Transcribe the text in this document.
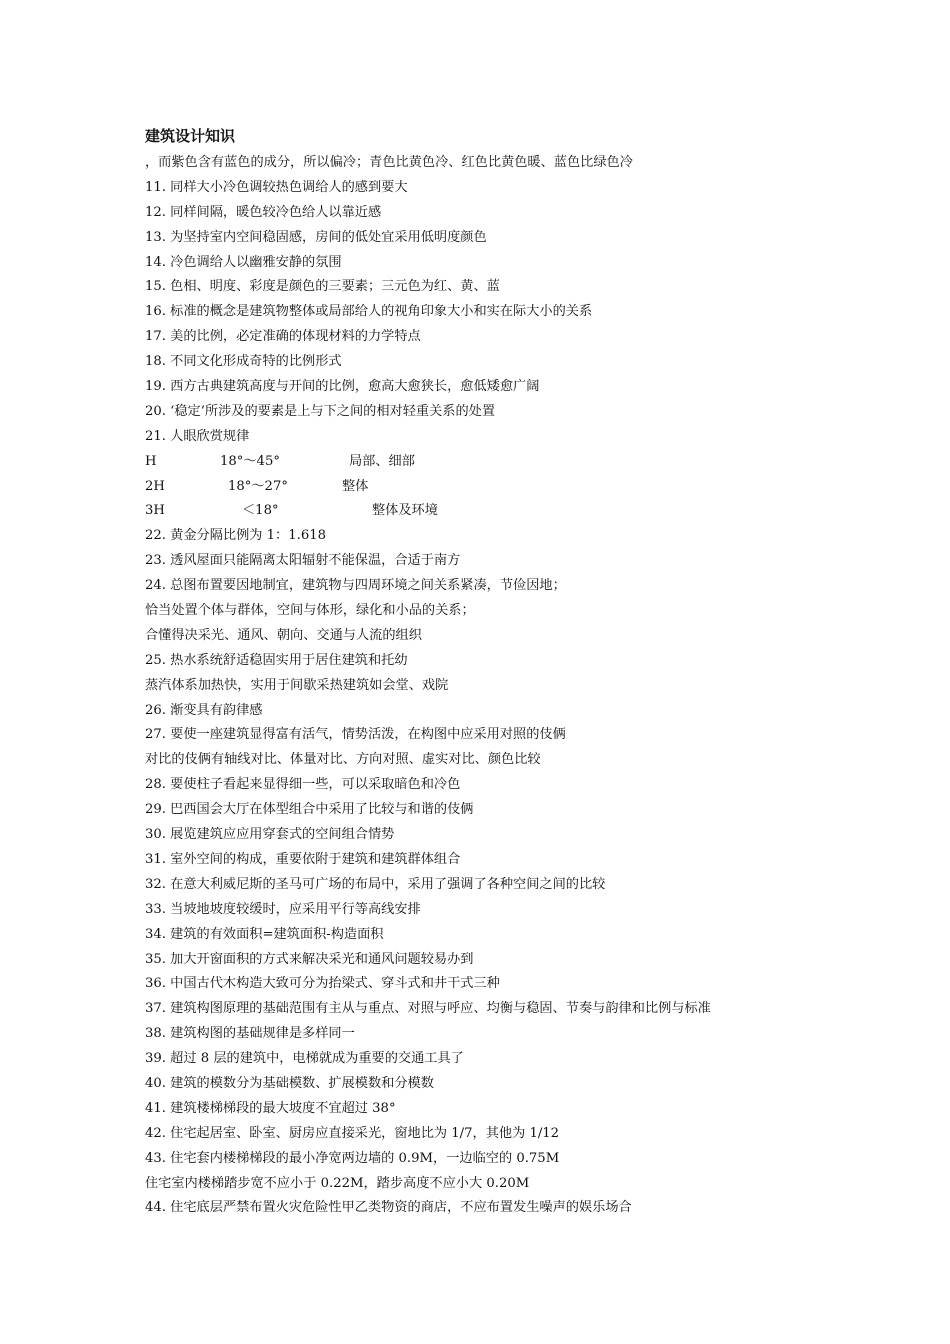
建筑设计知识
，而紫色含有蓝色的成分，所以偏冷；青色比黄色冷、红色比黄色暖、蓝色比绿色冷
11. 同样大小冷色调较热色调给人的感到要大
12. 同样间隔，暖色较冷色给人以靠近感
13. 为坚持室内空间稳固感，房间的低处宜采用低明度颜色
14. 冷色调给人以幽雅安静的氛围
15. 色相、明度、彩度是颜色的三要素；三元色为红、黄、蓝
16. 标准的概念是建筑物整体或局部给人的视角印象大小和实在际大小的关系
17. 美的比例，必定准确的体现材料的力学特点
18. 不同文化形成奇特的比例形式
19. 西方古典建筑高度与开间的比例，愈高大愈狭长，愈低矮愈广阔
20. ‘稳定’所涉及的要素是上与下之间的相对轻重关系的处置
21. 人眼欣赏规律
H	18°～45°	局部、细部
2H	18°～27°	整体
3H	＜18°	整体及环境
22. 黄金分隔比例为 1：1.618
23. 透风屋面只能隔离太阳辐射不能保温，合适于南方
24. 总图布置要因地制宜，建筑物与四周环境之间关系紧凑，节俭因地；
恰当处置个体与群体，空间与体形，绿化和小品的关系；
合懂得决采光、通风、朝向、交通与人流的组织
25. 热水系统舒适稳固实用于居住建筑和托幼
蒸汽体系加热快，实用于间歇采热建筑如会堂、戏院
26. 渐变具有韵律感
27. 要使一座建筑显得富有活气，情势活泼，在构图中应采用对照的伎俩
对比的伎俩有轴线对比、体量对比、方向对照、虚实对比、颜色比较
28. 要使柱子看起来显得细一些，可以采取暗色和冷色
29. 巴西国会大厅在体型组合中采用了比较与和谐的伎俩
30. 展览建筑应应用穿套式的空间组合情势
31. 室外空间的构成，重要依附于建筑和建筑群体组合
32. 在意大利威尼斯的圣马可广场的布局中，采用了强调了各种空间之间的比较
33. 当坡地坡度较缓时，应采用平行等高线安排
34. 建筑的有效面积=建筑面积-构造面积
35. 加大开窗面积的方式来解决采光和通风问题较易办到
36. 中国古代木构造大致可分为抬梁式、穿斗式和井干式三种
37. 建筑构图原理的基础范围有主从与重点、对照与呼应、均衡与稳固、节奏与韵律和比例与标准
38. 建筑构图的基础规律是多样同一
39. 超过 8 层的建筑中，电梯就成为重要的交通工具了
40. 建筑的模数分为基础模数、扩展模数和分模数
41. 建筑楼梯梯段的最大坡度不宜超过 38°
42. 住宅起居室、卧室、厨房应直接采光，窗地比为 1/7，其他为 1/12
43. 住宅套内楼梯梯段的最小净宽两边墙的 0.9M，一边临空的 0.75M
住宅室内楼梯踏步宽不应小于 0.22M，踏步高度不应小大 0.20M
44. 住宅底层严禁布置火灾危险性甲乙类物资的商店，不应布置发生噪声的娱乐场合
